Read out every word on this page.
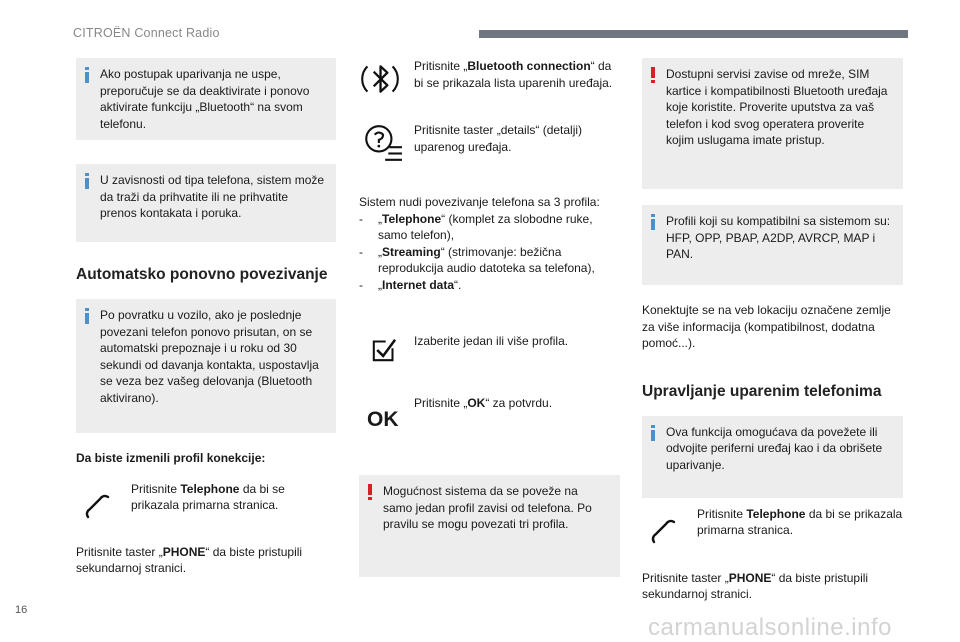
CITROËN Connect Radio

Ako postupak uparivanja ne uspe, preporučuje se da deaktivirate i ponovo aktivirate funkciju „Bluetooth“ na svom telefonu.

U zavisnosti od tipa telefona, sistem može da traži da prihvatite ili ne prihvatite prenos kontakata i poruka.

Automatsko ponovno povezivanje

Po povratku u vozilo, ako je poslednje povezani telefon ponovo prisutan, on se automatski prepoznaje i u roku od 30 sekundi od davanja kontakta, uspostavlja se veza bez vašeg delovanja (Bluetooth aktivirano).

Da biste izmenili profil konekcije:

Pritisnite Telephone da bi se prikazala primarna stranica.

Pritisnite taster „PHONE“ da biste pristupili sekundarnoj stranici.

Pritisnite „Bluetooth connection“ da bi se prikazala lista uparenih uređaja.

Pritisnite taster „details“ (detalji) uparenog uređaja.

Sistem nudi povezivanje telefona sa 3 profila:

- „Telephone“ (komplet za slobodne ruke, samo telefon),
- „Streaming“ (strimovanje: bežična reprodukcija audio datoteka sa telefona),
- „Internet data“.

Izaberite jedan ili više profila.

OK

Pritisnite „OK“ za potvrdu.

Mogućnost sistema da se poveže na samo jedan profil zavisi od telefona. Po pravilu se mogu povezati tri profila.

Dostupni servisi zavise od mreže, SIM kartice i kompatibilnosti Bluetooth uređaja koje koristite. Proverite uputstva za vaš telefon i kod svog operatera proverite kojim uslugama imate pristup.

Profili koji su kompatibilni sa sistemom su: HFP, OPP, PBAP, A2DP, AVRCP, MAP i PAN.

Konektujte se na veb lokaciju označene zemlje za više informacija (kompatibilnost, dodatna pomoć...).

Upravljanje uparenim telefonima

Ova funkcija omogućava da povežete ili odvojite periferni uređaj kao i da obrišete uparivanje.

Pritisnite Telephone da bi se prikazala primarna stranica.

Pritisnite taster „PHONE“ da biste pristupili sekundarnoj stranici.

16
carmanualsonline.info
